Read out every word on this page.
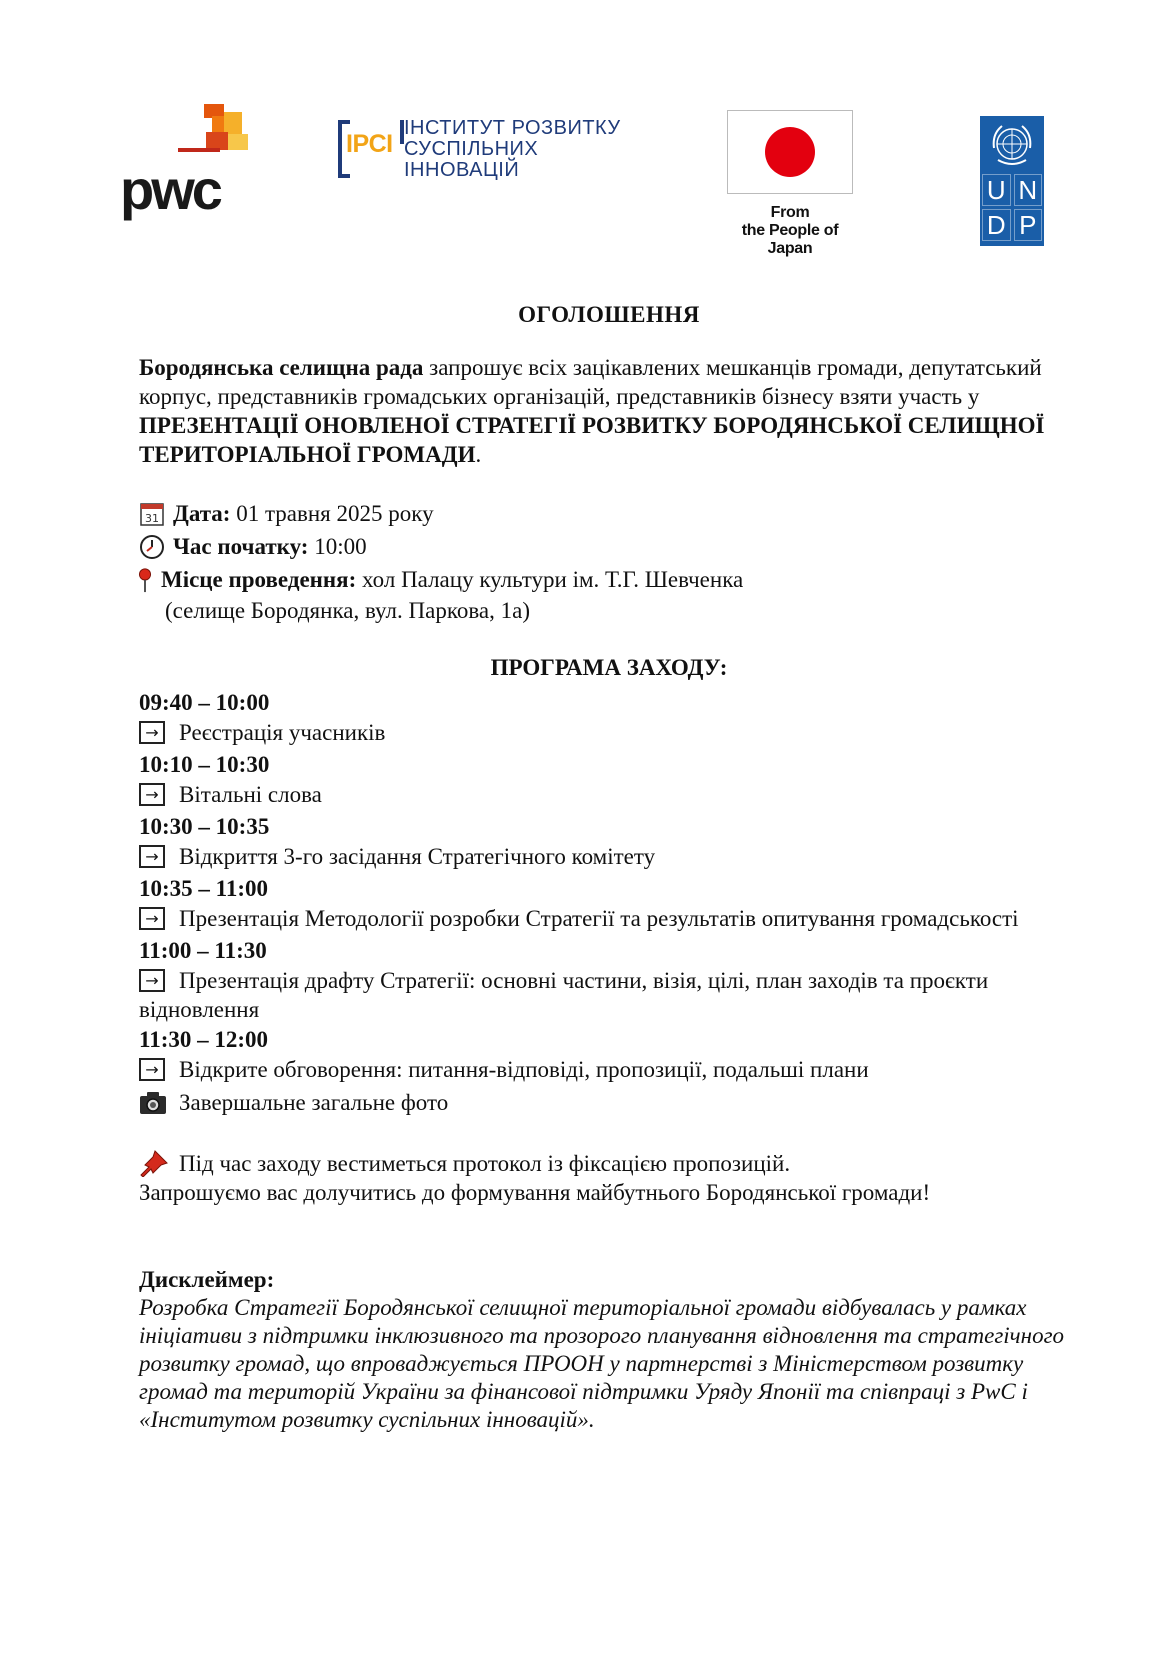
pwc
IPCI
ІНСТИТУТ РОЗВИТКУ
СУСПІЛЬНИХ
ІННОВАЦІЙ
From
the People of Japan
U N
D P
ОГОЛОШЕННЯ

Бородянська селищна рада запрошує всіх зацікавлених мешканців громади, депутатський корпус, представників громадських організацій, представників бізнесу взяти участь у ПРЕЗЕНТАЦІЇ ОНОВЛЕНОЇ СТРАТЕГІЇ РОЗВИТКУ БОРОДЯНСЬКОЇ СЕЛИЩНОЇ ТЕРИТОРІАЛЬНОЇ ГРОМАДИ.

31 Дата: 01 травня 2025 року
Час початку: 10:00
Місце проведення: хол Палацу культури ім. Т.Г. Шевченка
(селище Бородянка, вул. Паркова, 1а)
ПРОГРАМА ЗАХОДУ:
09:40 – 10:00
→ Реєстрація учасників
10:10 – 10:30
→ Вітальні слова
10:30 – 10:35
→ Відкриття 3-го засідання Стратегічного комітету
10:35 – 11:00
→ Презентація Методології розробки Стратегії та результатів опитування громадськості
11:00 – 11:30
→ Презентація драфту Стратегії: основні частини, візія, цілі, план заходів та проєкти відновлення
11:30 – 12:00
→ Відкрите обговорення: питання-відповіді, пропозиції, подальші плани
Завершальне загальне фото
Під час заходу вестиметься протокол із фіксацією пропозицій.
Запрошуємо вас долучитись до формування майбутнього Бородянської громади!
Дисклеймер:
Розробка Стратегії Бородянської селищної територіальної громади відбувалась у рамках ініціативи з підтримки інклюзивного та прозорого планування відновлення та стратегічного розвитку громад, що впроваджується ПРООН у партнерстві з Міністерством розвитку громад та територій України за фінансової підтримки Уряду Японії та співпраці з PwC і «Інститутом розвитку суспільних інновацій».
